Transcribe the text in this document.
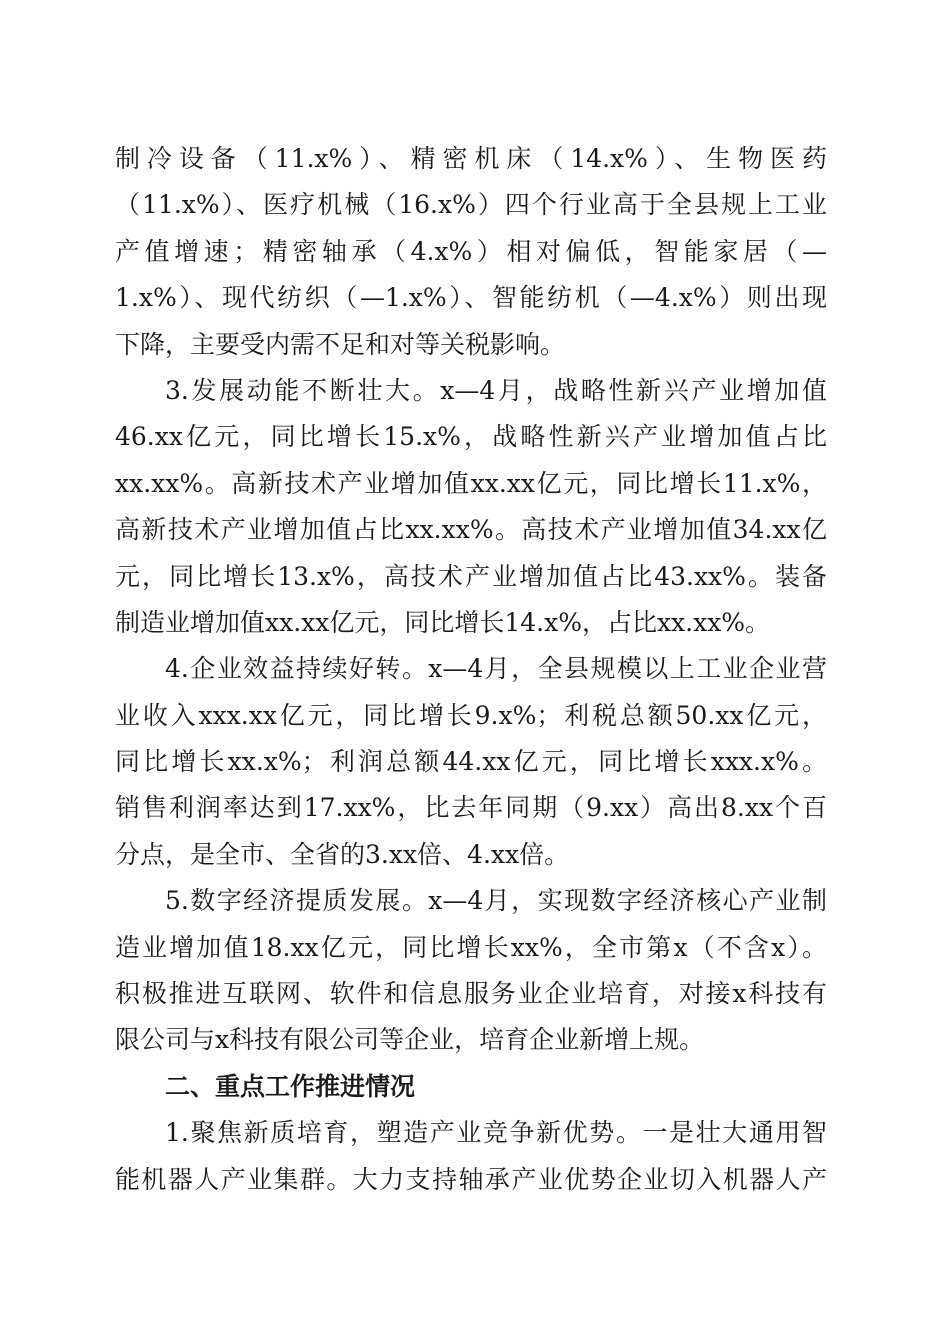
制冷设备（11.x%）、精密机床（14.x%）、生物医药
（11.x%）、医疗机械（16.x%）四个行业高于全县规上工业
产值增速；精密轴承（4.x%）相对偏低，智能家居（—
1.x%）、现代纺织（—1.x%）、智能纺机（—4.x%）则出现
下降，主要受内需不足和对等关税影响。
3.发展动能不断壮大。x—4月，战略性新兴产业增加值
46.xx亿元，同比增长15.x%，战略性新兴产业增加值占比
xx.xx%。高新技术产业增加值xx.xx亿元，同比增长11.x%，
高新技术产业增加值占比xx.xx%。高技术产业增加值34.xx亿
元，同比增长13.x%，高技术产业增加值占比43.xx%。装备
制造业增加值xx.xx亿元，同比增长14.x%，占比xx.xx%。
4.企业效益持续好转。x—4月，全县规模以上工业企业营
业收入xxx.xx亿元，同比增长9.x%；利税总额50.xx亿元，
同比增长xx.x%；利润总额44.xx亿元，同比增长xxx.x%。
销售利润率达到17.xx%，比去年同期（9.xx）高出8.xx个百
分点，是全市、全省的3.xx倍、4.xx倍。
5.数字经济提质发展。x—4月，实现数字经济核心产业制
造业增加值18.xx亿元，同比增长xx%，全市第x（不含x）。
积极推进互联网、软件和信息服务业企业培育，对接x科技有
限公司与x科技有限公司等企业，培育企业新增上规。
二、重点工作推进情况
1.聚焦新质培育，塑造产业竞争新优势。一是壮大通用智
能机器人产业集群。大力支持轴承产业优势企业切入机器人产
